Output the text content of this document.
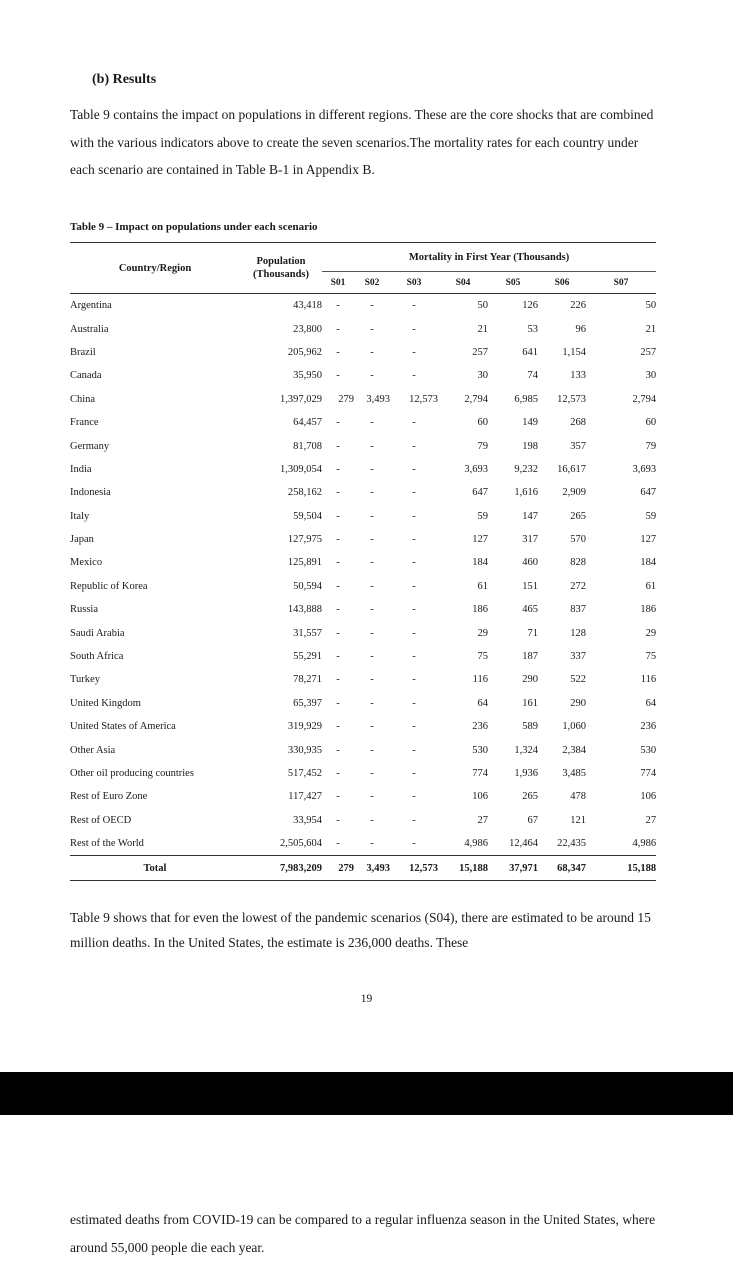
(b) Results

Table 9 contains the impact on populations in different regions. These are the core shocks that are combined with the various indicators above to create the seven scenarios.The mortality rates for each country under each scenario are contained in Table B-1 in Appendix B.

Table 9 – Impact on populations under each scenario

Country/Region	Population
(Thousands)	Mortality in First Year (Thousands)						
		S01	S02	S03	S04	S05	S06	S07
Argentina	43,418	-	-	-	50	126	226	50
Australia	23,800	-	-	-	21	53	96	21
Brazil	205,962	-	-	-	257	641	1,154	257
Canada	35,950	-	-	-	30	74	133	30
China	1,397,029	279	3,493	12,573	2,794	6,985	12,573	2,794
France	64,457	-	-	-	60	149	268	60
Germany	81,708	-	-	-	79	198	357	79
India	1,309,054	-	-	-	3,693	9,232	16,617	3,693
Indonesia	258,162	-	-	-	647	1,616	2,909	647
Italy	59,504	-	-	-	59	147	265	59
Japan	127,975	-	-	-	127	317	570	127
Mexico	125,891	-	-	-	184	460	828	184
Republic of Korea	50,594	-	-	-	61	151	272	61
Russia	143,888	-	-	-	186	465	837	186
Saudi Arabia	31,557	-	-	-	29	71	128	29
South Africa	55,291	-	-	-	75	187	337	75
Turkey	78,271	-	-	-	116	290	522	116
United Kingdom	65,397	-	-	-	64	161	290	64
United States of America	319,929	-	-	-	236	589	1,060	236
Other Asia	330,935	-	-	-	530	1,324	2,384	530
Other oil producing countries	517,452	-	-	-	774	1,936	3,485	774
Rest of Euro Zone	117,427	-	-	-	106	265	478	106
Rest of OECD	33,954	-	-	-	27	67	121	27
Rest of the World	2,505,604	-	-	-	4,986	12,464	22,435	4,986
Total	7,983,209	279	3,493	12,573	15,188	37,971	68,347	15,188

Table 9 shows that for even the lowest of the pandemic scenarios (S04), there are estimated to be around 15 million deaths. In the United States, the estimate is 236,000 deaths. These

19

estimated deaths from COVID-19 can be compared to a regular influenza season in the United States, where around 55,000 people die each year.
